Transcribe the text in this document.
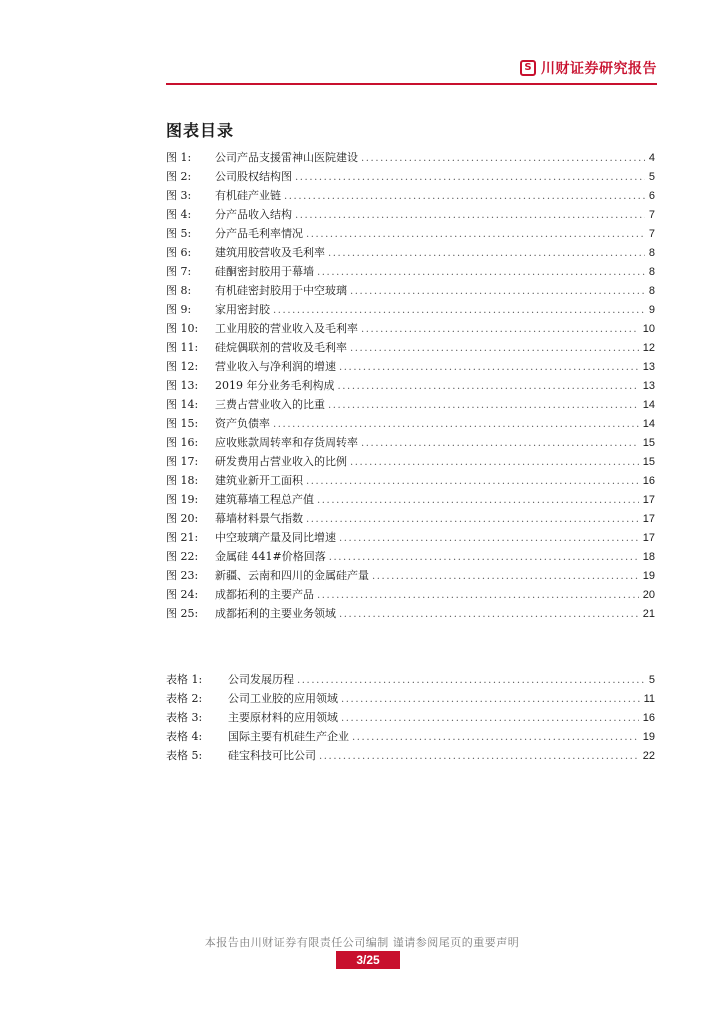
S 川财证券研究报告
图表目录
图 1:	公司产品支援雷神山医院建设 .....	4
图 2:	公司股权结构图 .....	5
图 3:	有机硅产业链 .....	6
图 4:	分产品收入结构 .....	7
图 5:	分产品毛利率情况 .....	7
图 6:	建筑用胶营收及毛利率 .....	8
图 7:	硅酮密封胶用于幕墙 .....	8
图 8:	有机硅密封胶用于中空玻璃 .....	8
图 9:	家用密封胶 .....	9
图 10:	工业用胶的营业收入及毛利率 .....	10
图 11:	硅烷偶联剂的营收及毛利率 .....	12
图 12:	营业收入与净利润的增速 .....	13
图 13:	2019 年分业务毛利构成 .....	13
图 14:	三费占营业收入的比重 .....	14
图 15:	资产负债率 .....	14
图 16:	应收账款周转率和存货周转率 .....	15
图 17:	研发费用占营业收入的比例 .....	15
图 18:	建筑业新开工面积 .....	16
图 19:	建筑幕墙工程总产值 .....	17
图 20:	幕墙材料景气指数 .....	17
图 21:	中空玻璃产量及同比增速 .....	17
图 22:	金属硅 441#价格回落 .....	18
图 23:	新疆、云南和四川的金属硅产量 .....	19
图 24:	成都拓利的主要产品 .....	20
图 25:	成都拓利的主要业务领域 .....	21
表格 1:	公司发展历程 .....	5
表格 2:	公司工业胶的应用领域 .....	11
表格 3:	主要原材料的应用领域 .....	16
表格 4:	国际主要有机硅生产企业 .....	19
表格 5:	硅宝科技可比公司 .....	22
本报告由川财证券有限责任公司编制 谨请参阅尾页的重要声明
3/25
